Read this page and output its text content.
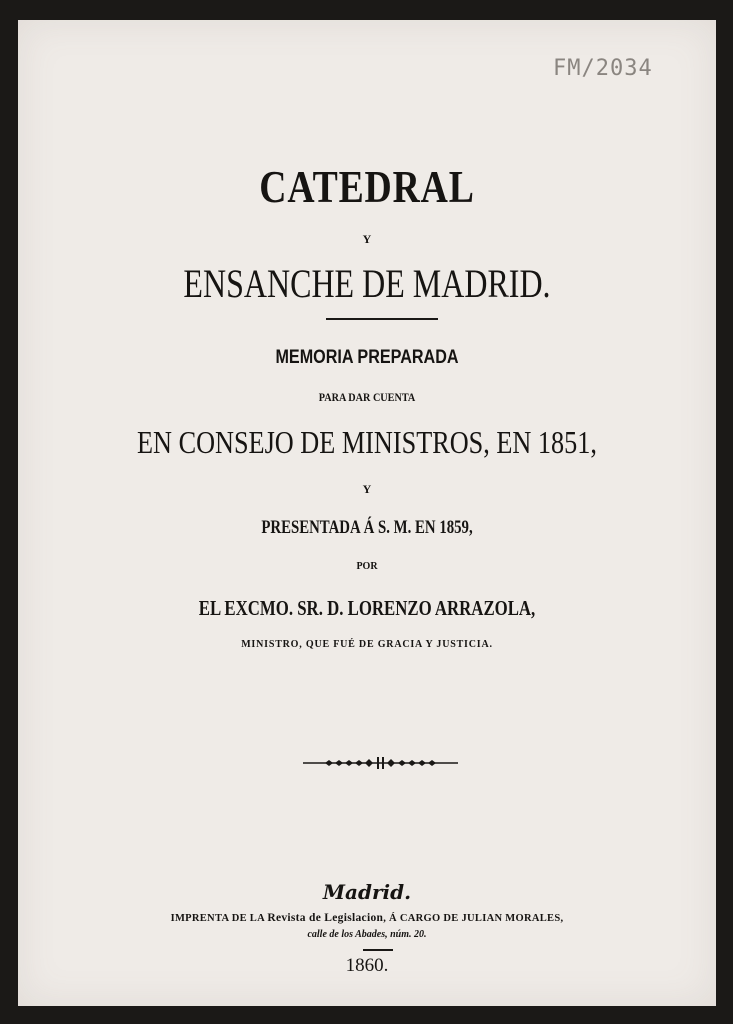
FM/2034
CATEDRAL
Y
ENSANCHE DE MADRID.
MEMORIA PREPARADA
PARA DAR CUENTA
EN CONSEJO DE MINISTROS, EN 1851,
Y
PRESENTADA Á S. M. EN 1859,
POR
EL EXCMO. SR. D. LORENZO ARRAZOLA,
MINISTRO, QUE FUÉ DE GRACIA Y JUSTICIA.
Madrid.
IMPRENTA DE LA Revista de Legislacion, Á CARGO DE JULIAN MORALES,
calle de los Abades, núm. 20.
1860.
